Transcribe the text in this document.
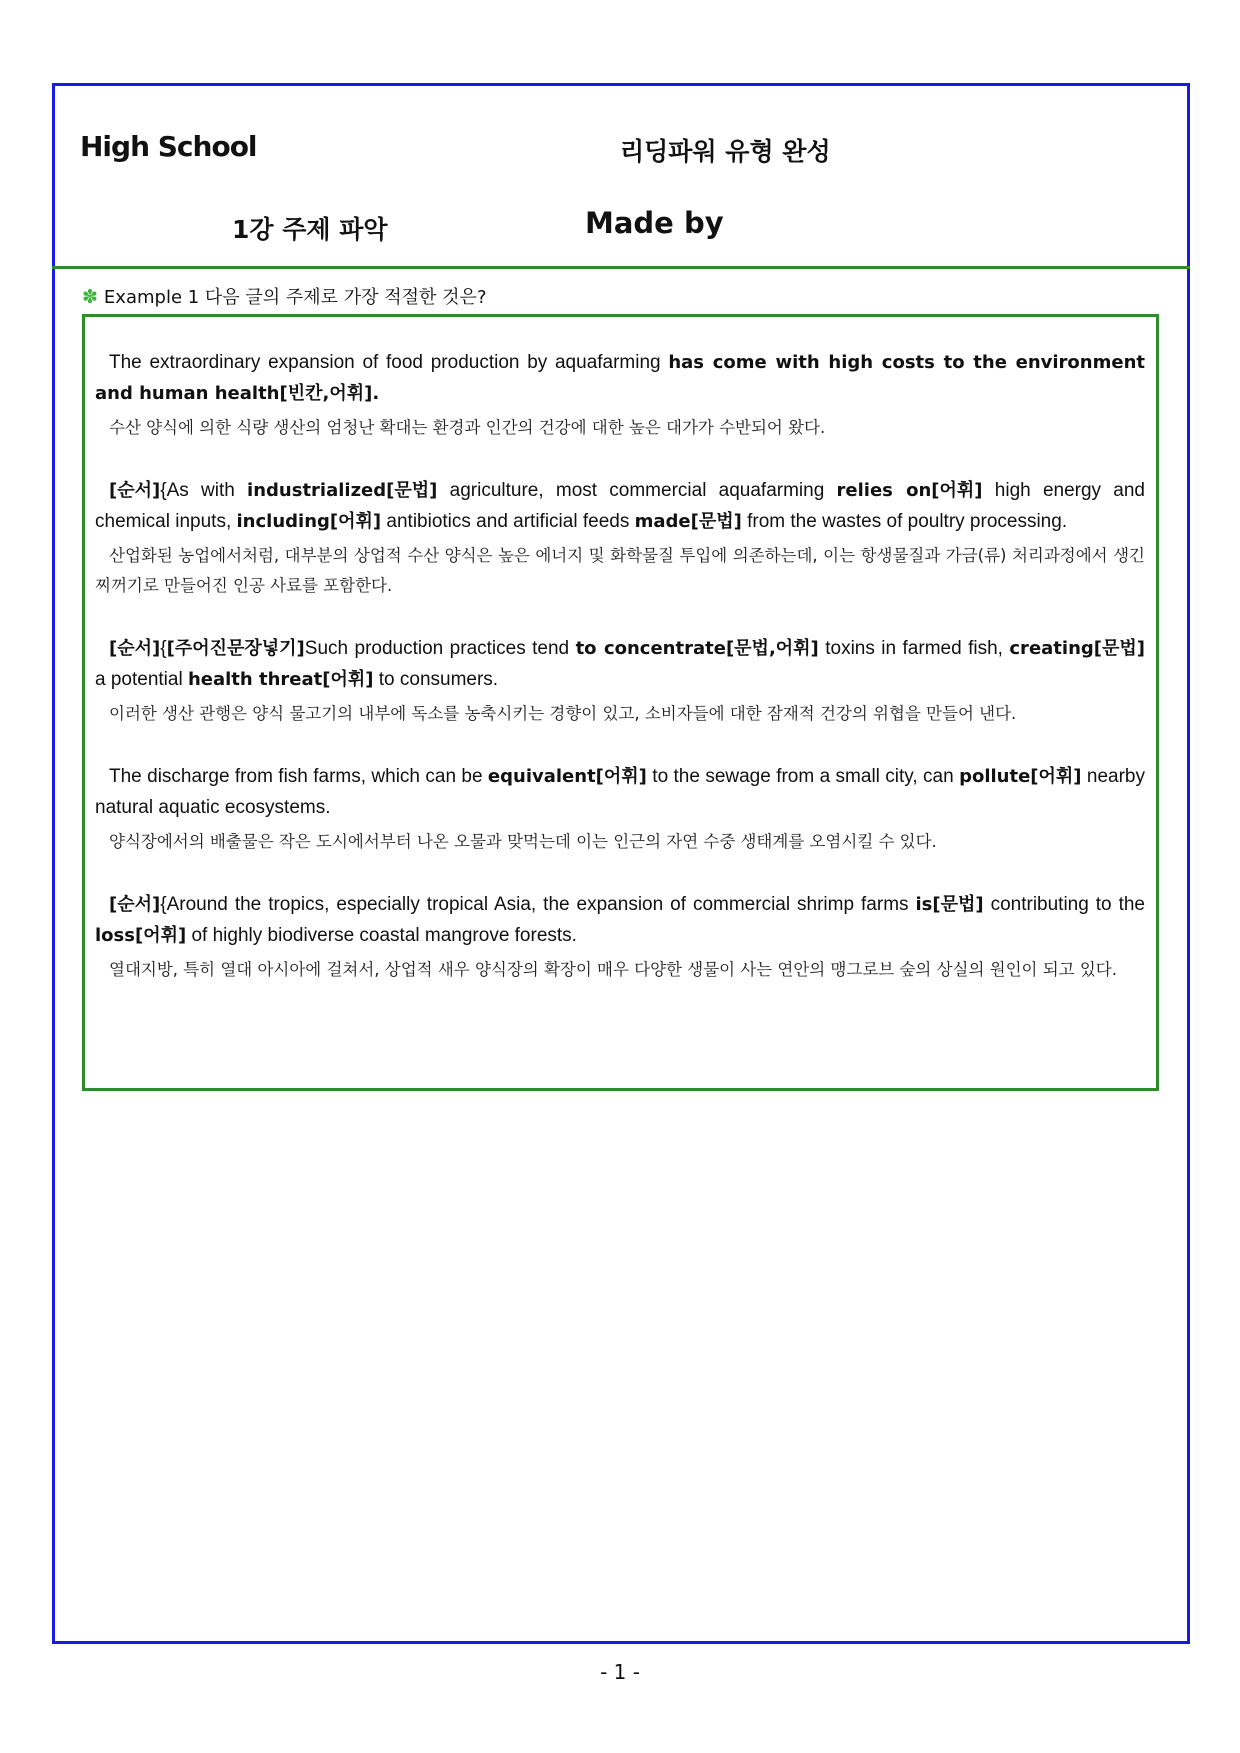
High School	리딩파워 유형 완성
1강 주제 파악	Made by
✽ Example 1 다음 글의 주제로 가장 적절한 것은?

The extraordinary expansion of food production by aquafarming has come with high costs to the environment and human health[빈칸,어휘].

수산 양식에 의한 식량 생산의 엄청난 확대는 환경과 인간의 건강에 대한 높은 대가가 수반되어 왔다.

[순서]{As with industrialized[문법] agriculture, most commercial aquafarming relies on[어휘] high energy and chemical inputs, including[어휘] antibiotics and artificial feeds made[문법] from the wastes of poultry processing.

산업화된 농업에서처럼, 대부분의 상업적 수산 양식은 높은 에너지 및 화학물질 투입에 의존하는데, 이는 항생물질과 가금(류) 처리과정에서 생긴 찌꺼기로 만들어진 인공 사료를 포함한다.

[순서]{[주어진문장넣기]Such production practices tend to concentrate[문법,어휘] toxins in farmed fish, creating[문법] a potential health threat[어휘] to consumers.

이러한 생산 관행은 양식 물고기의 내부에 독소를 농축시키는 경향이 있고, 소비자들에 대한 잠재적 건강의 위협을 만들어 낸다.

The discharge from fish farms, which can be equivalent[어휘] to the sewage from a small city, can pollute[어휘] nearby natural aquatic ecosystems.

양식장에서의 배출물은 작은 도시에서부터 나온 오물과 맞먹는데 이는 인근의 자연 수중 생태계를 오염시킬 수 있다.

[순서]{Around the tropics, especially tropical Asia, the expansion of commercial shrimp farms is[문법] contributing to the loss[어휘] of highly biodiverse coastal mangrove forests.

열대지방, 특히 열대 아시아에 걸쳐서, 상업적 새우 양식장의 확장이 매우 다양한 생물이 사는 연안의 맹그로브 숲의 상실의 원인이 되고 있다.

- 1 -
